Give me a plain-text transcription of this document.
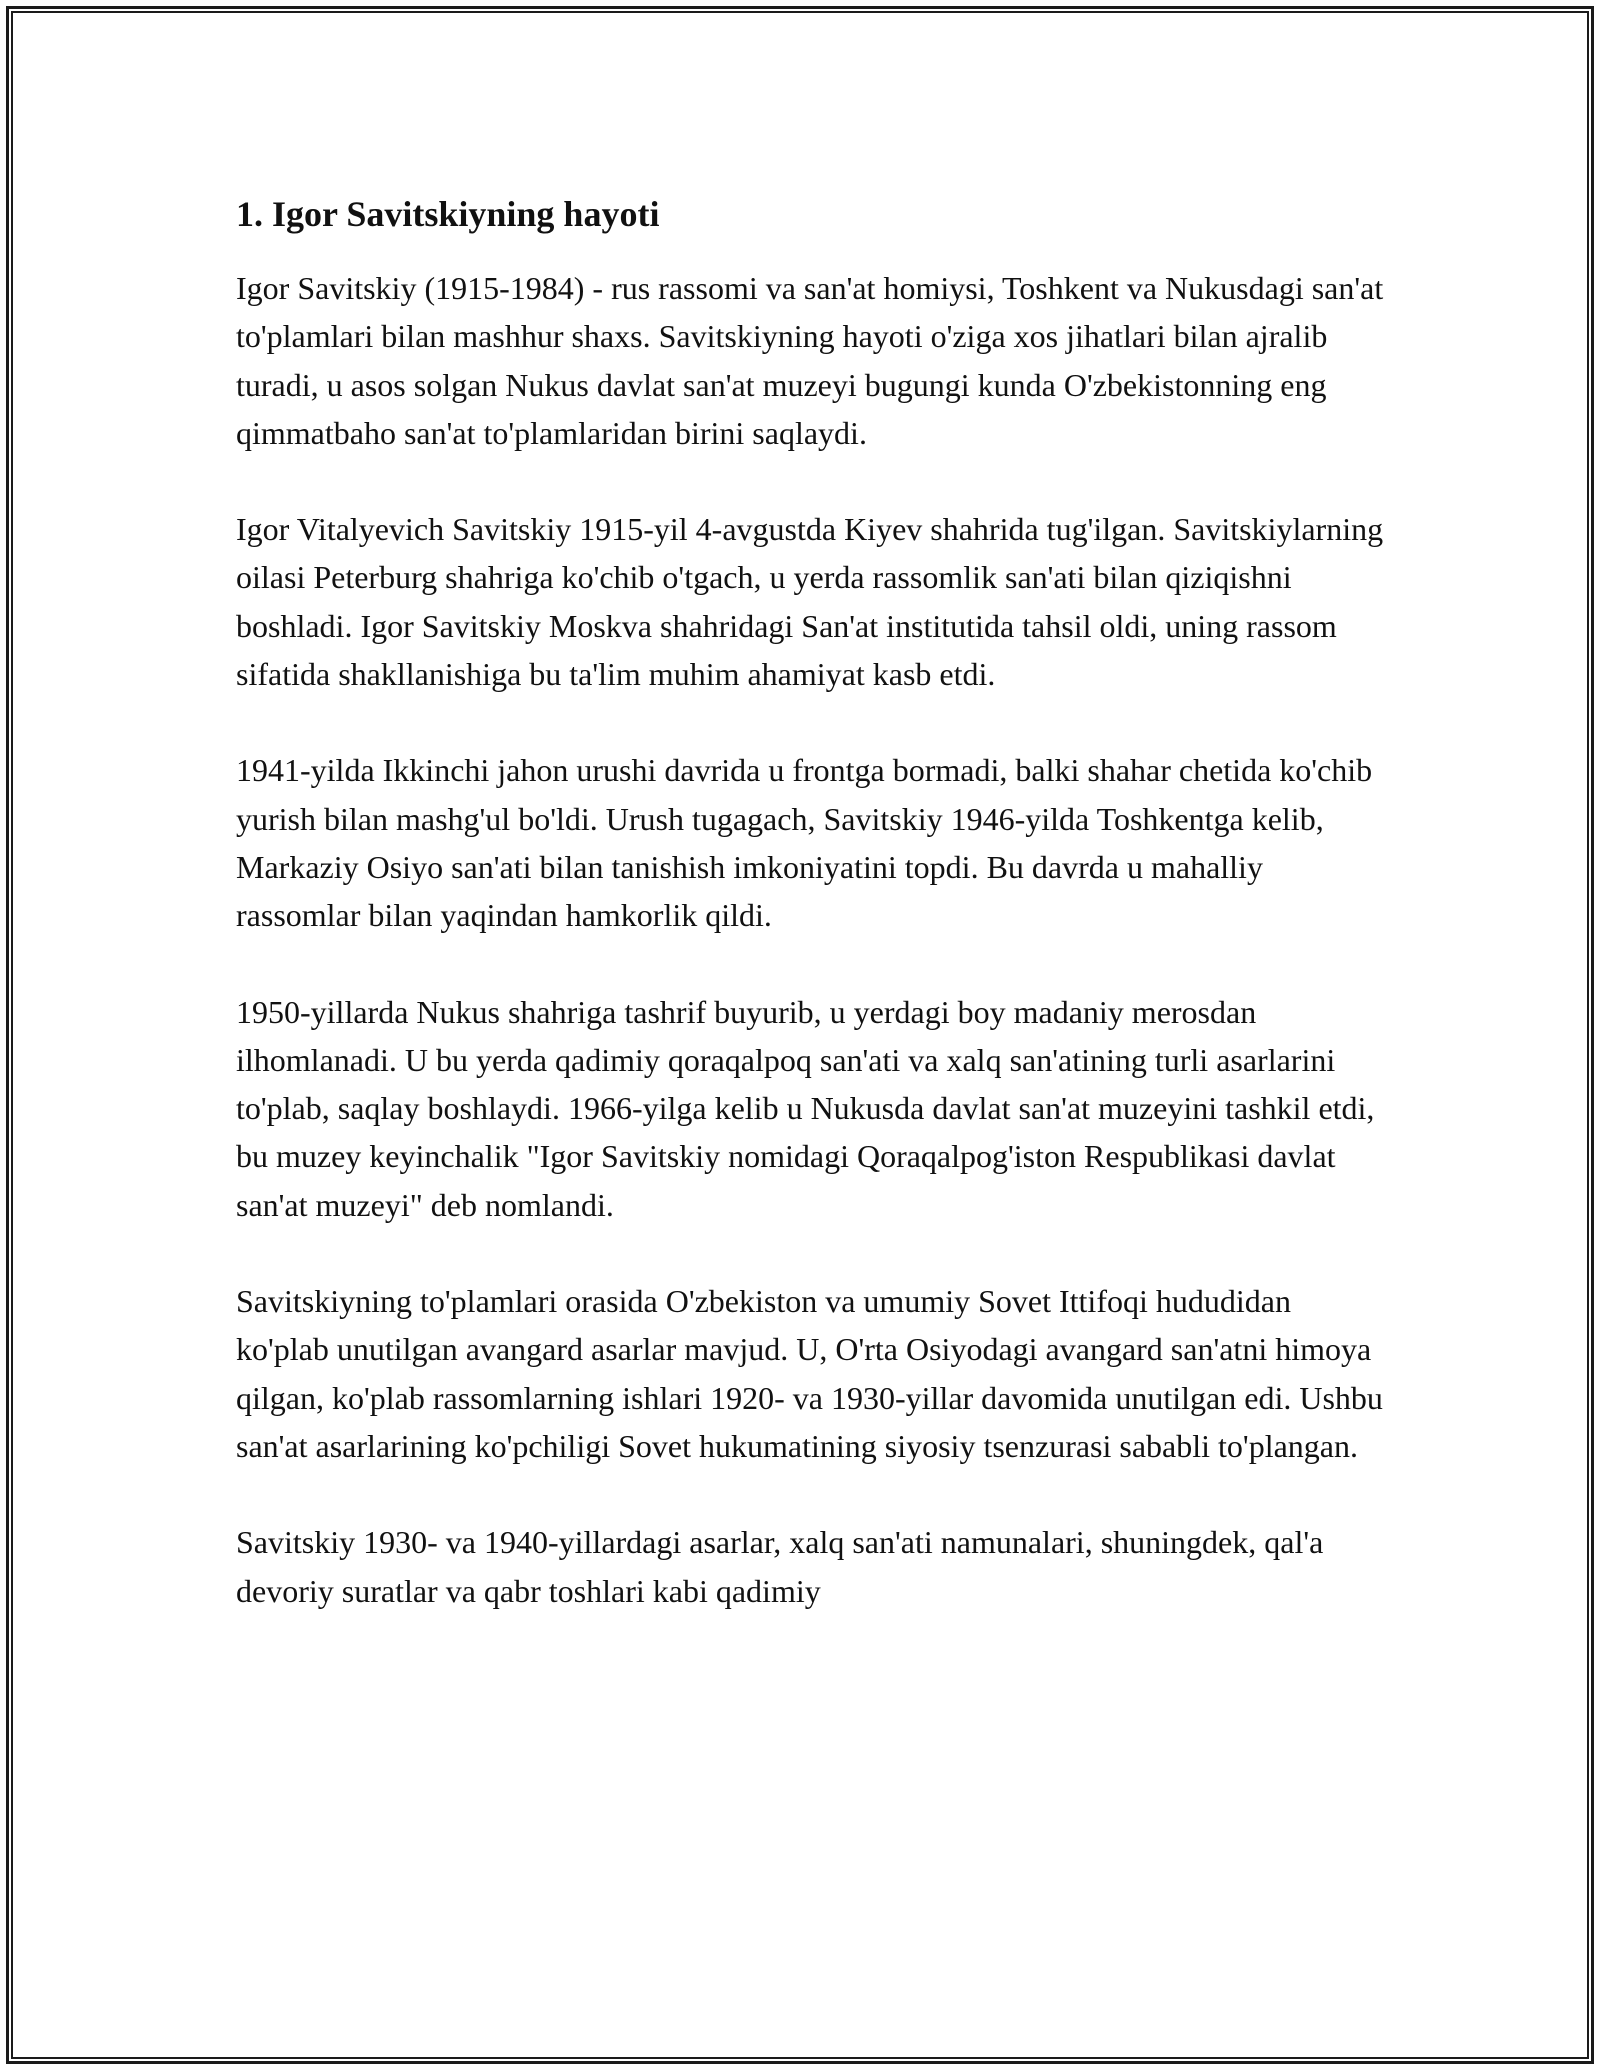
1. Igor Savitskiyning hayoti

Igor Savitskiy (1915-1984) - rus rassomi va san'at homiysi, Toshkent va Nukusdagi san'at to'plamlari bilan mashhur shaxs. Savitskiyning hayoti o'ziga xos jihatlari bilan ajralib turadi, u asos solgan Nukus davlat san'at muzeyi bugungi kunda O'zbekistonning eng qimmatbaho san'at to'plamlaridan birini saqlaydi.

Igor Vitalyevich Savitskiy 1915-yil 4-avgustda Kiyev shahrida tug'ilgan. Savitskiylarning oilasi Peterburg shahriga ko'chib o'tgach, u yerda rassomlik san'ati bilan qiziqishni boshladi. Igor Savitskiy Moskva shahridagi San'at institutida tahsil oldi, uning rassom sifatida shakllanishiga bu ta'lim muhim ahamiyat kasb etdi.

1941-yilda Ikkinchi jahon urushi davrida u frontga bormadi, balki shahar chetida ko'chib yurish bilan mashg'ul bo'ldi. Urush tugagach, Savitskiy 1946-yilda Toshkentga kelib, Markaziy Osiyo san'ati bilan tanishish imkoniyatini topdi. Bu davrda u mahalliy rassomlar bilan yaqindan hamkorlik qildi.

1950-yillarda Nukus shahriga tashrif buyurib, u yerdagi boy madaniy merosdan ilhomlanadi. U bu yerda qadimiy qoraqalpoq san'ati va xalq san'atining turli asarlarini to'plab, saqlay boshlaydi. 1966-yilga kelib u Nukusda davlat san'at muzeyini tashkil etdi, bu muzey keyinchalik "Igor Savitskiy nomidagi Qoraqalpog'iston Respublikasi davlat san'at muzeyi" deb nomlandi.

Savitskiyning to'plamlari orasida O'zbekiston va umumiy Sovet Ittifoqi hududidan ko'plab unutilgan avangard asarlar mavjud. U, O'rta Osiyodagi avangard san'atni himoya qilgan, ko'plab rassomlarning ishlari 1920- va 1930-yillar davomida unutilgan edi. Ushbu san'at asarlarining ko'pchiligi Sovet hukumatining siyosiy tsenzurasi sababli to'plangan.

Savitskiy 1930- va 1940-yillardagi asarlar, xalq san'ati namunalari, shuningdek, qal'a devoriy suratlar va qabr toshlari kabi qadimiy
